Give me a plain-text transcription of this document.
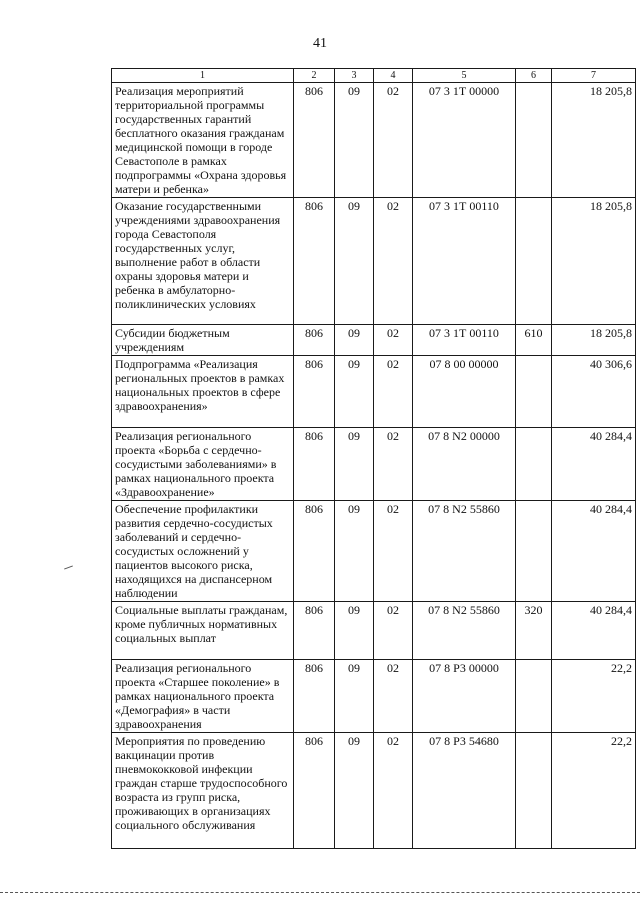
41
1	2	3	4	5	6	7
Реализация мероприятий территориальной программы государственных гарантий бесплатного оказания гражданам медицинской помощи в городе Севастополе в рамках подпрограммы «Охрана здоровья матери и ребенка»	806	09	02	07 3 1Т 00000		18 205,8
Оказание государственными учреждениями здравоохранения города Севастополя государственных услуг, выполнение работ в области охраны здоровья матери и ребенка в амбулаторно-поликлинических условиях	806	09	02	07 3 1Т 00110		18 205,8
Субсидии бюджетным учреждениям	806	09	02	07 3 1Т 00110	610	18 205,8
Подпрограмма «Реализация региональных проектов в рамках национальных проектов в сфере здравоохранения»	806	09	02	07 8 00 00000		40 306,6
Реализация регионального проекта «Борьба с сердечно-сосудистыми заболеваниями» в рамках национального проекта «Здравоохранение»	806	09	02	07 8 N2 00000		40 284,4
Обеспечение профилактики развития сердечно-сосудистых заболеваний и сердечно-сосудистых осложнений у пациентов высокого риска, находящихся на диспансерном наблюдении	806	09	02	07 8 N2 55860		40 284,4
Социальные выплаты гражданам, кроме публичных нормативных социальных выплат	806	09	02	07 8 N2 55860	320	40 284,4
Реализация регионального проекта «Старшее поколение» в рамках национального проекта «Демография» в части здравоохранения	806	09	02	07 8 P3 00000		22,2
Мероприятия по проведению вакцинации против пневмококковой инфекции граждан старше трудоспособного возраста из групп риска, проживающих в организациях социального обслуживания	806	09	02	07 8 P3 54680		22,2
